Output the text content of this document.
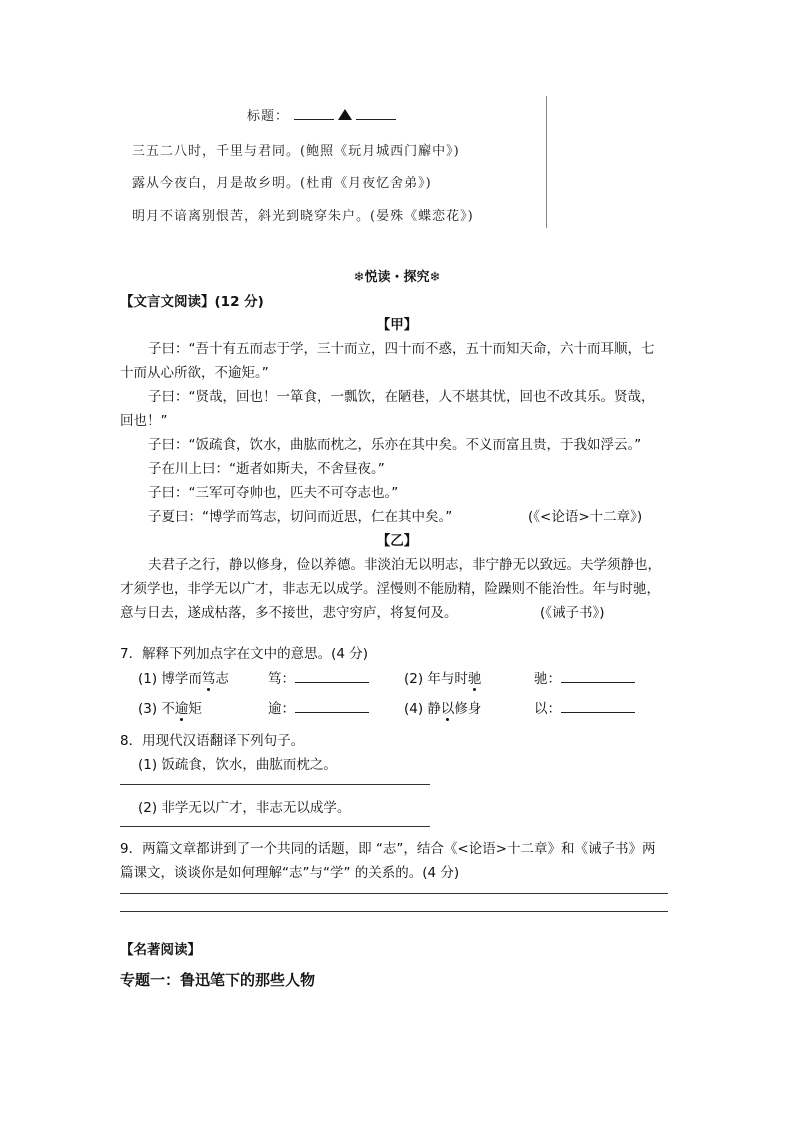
标题：
三五二八时，千里与君同。(鲍照《玩月城西门廨中》)
露从今夜白，月是故乡明。(杜甫《月夜忆舍弟》)
明月不谙离别恨苦，斜光到晓穿朱户。(晏殊《蝶恋花》)
❄悦读・探究❄
【文言文阅读】(12 分)
【甲】
子曰：“吾十有五而志于学，三十而立，四十而不惑，五十而知天命，六十而耳顺，七
十而从心所欲，不逾矩。”
子曰：“贤哉，回也！一箪食，一瓢饮，在陋巷，人不堪其忧，回也不改其乐。贤哉，
回也！”
子曰：“饭疏食，饮水，曲肱而枕之，乐亦在其中矣。不义而富且贵，于我如浮云。”
子在川上曰：“逝者如斯夫，不舍昼夜。”
子曰：“三军可夺帅也，匹夫不可夺志也。”
子夏曰：“博学而笃志，切问而近思，仁在其中矣。”	(《<论语>十二章》)
【乙】
夫君子之行，静以修身，俭以养德。非淡泊无以明志，非宁静无以致远。夫学须静也，
才须学也，非学无以广才，非志无以成学。淫慢则不能励精，险躁则不能治性。年与时驰，
意与日去，遂成枯落，多不接世，悲守穷庐，将复何及。	(《诫子书》)
7．解释下列加点字在文中的意思。(4 分)
(1) 博学而笃志	笃：	(2) 年与时驰	驰：
(3) 不逾矩	逾：	(4) 静以修身	以：
8．用现代汉语翻译下列句子。
(1) 饭疏食，饮水，曲肱而枕之。
(2) 非学无以广才，非志无以成学。
9．两篇文章都讲到了一个共同的话题，即 “志”，结合《<论语>十二章》和《诫子书》两
篇课文，谈谈你是如何理解“志”与“学” 的关系的。(4 分)
【名著阅读】
专题一：鲁迅笔下的那些人物
